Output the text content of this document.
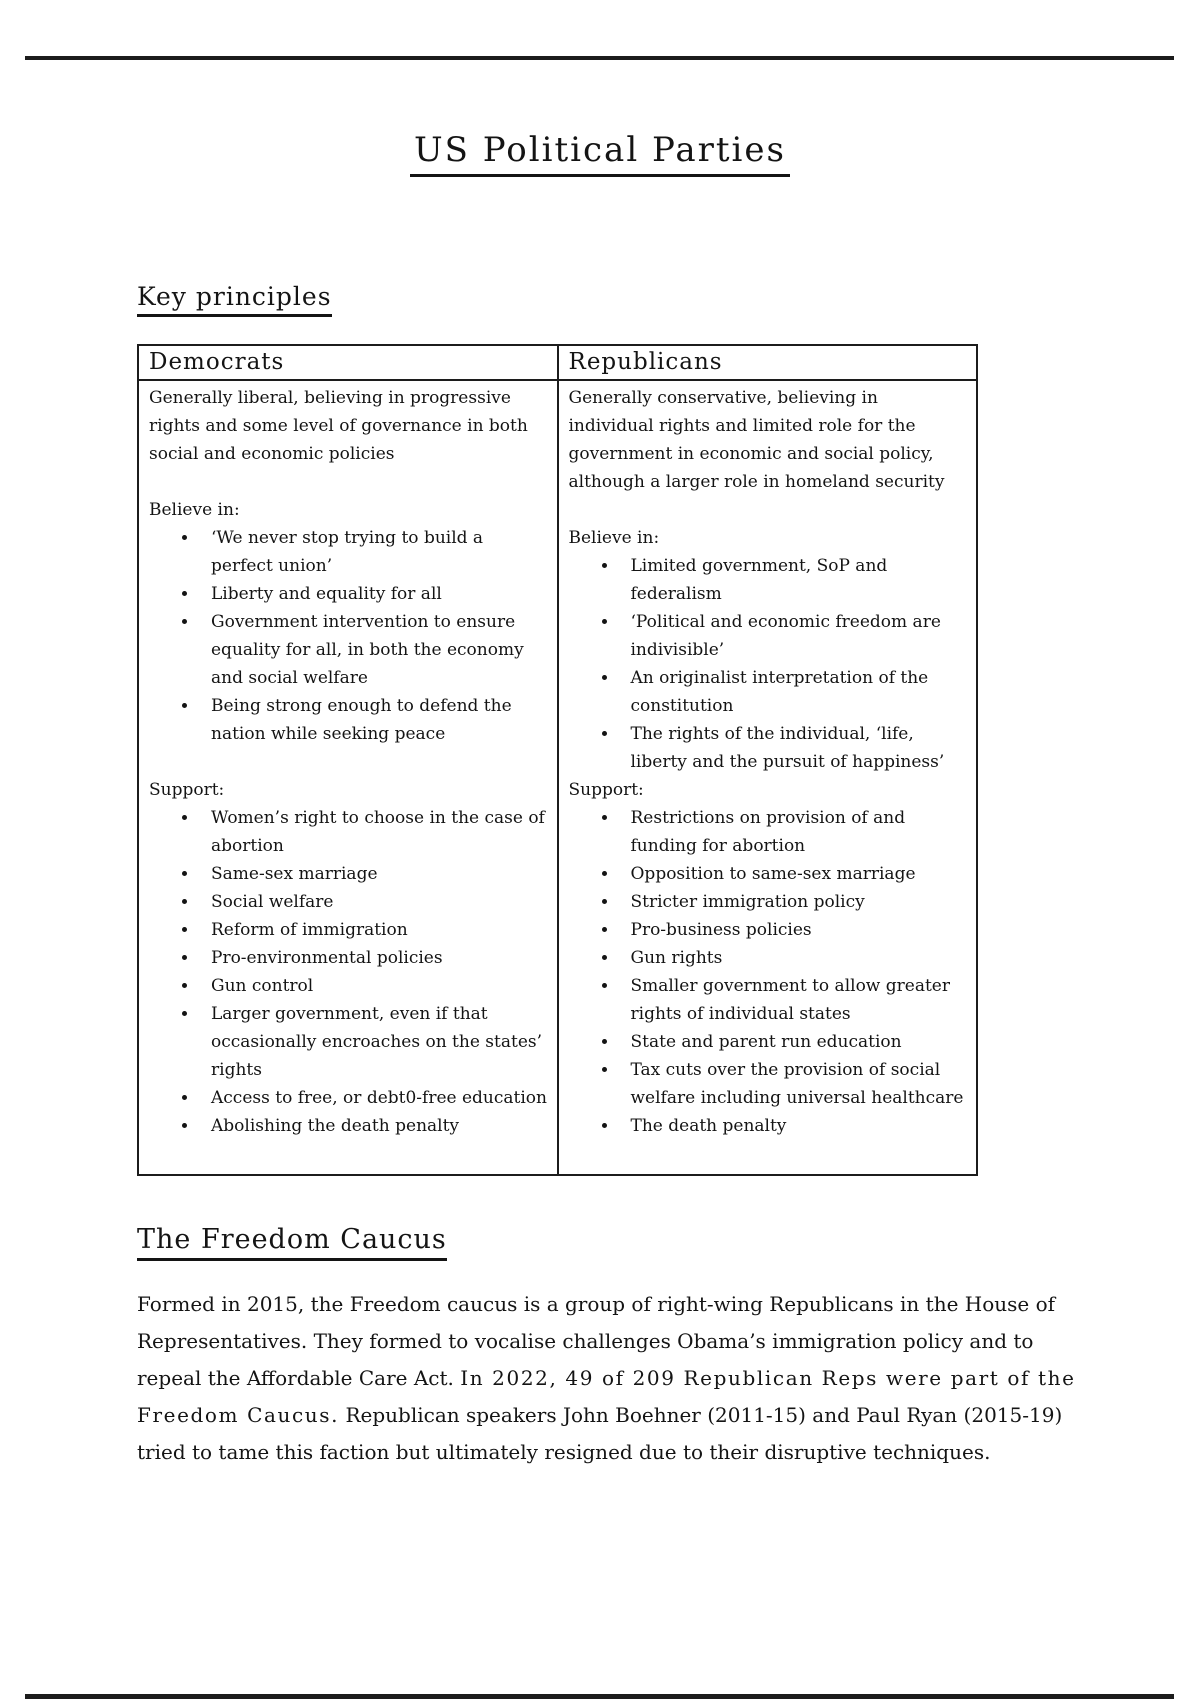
US Political Parties
Key principles
Democrats	Republicans

Generally liberal, believing in progressive rights and some level of governance in both social and economic policies
Believe in:
• ‘We never stop trying to build a perfect union’
• Liberty and equality for all
• Government intervention to ensure equality for all, in both the economy and social welfare
• Being strong enough to defend the nation while seeking peace
Support:
• Women’s right to choose in the case of abortion
• Same-sex marriage
• Social welfare
• Reform of immigration
• Pro-environmental policies
• Gun control
• Larger government, even if that occasionally encroaches on the states’ rights
• Access to free, or debt0-free education
• Abolishing the death penalty

Generally conservative, believing in individual rights and limited role for the government in economic and social policy, although a larger role in homeland security
Believe in:
• Limited government, SoP and federalism
• ‘Political and economic freedom are indivisible’
• An originalist interpretation of the constitution
• The rights of the individual, ‘life, liberty and the pursuit of happiness’
Support:
• Restrictions on provision of and funding for abortion
• Opposition to same-sex marriage
• Stricter immigration policy
• Pro-business policies
• Gun rights
• Smaller government to allow greater rights of individual states
• State and parent run education
• Tax cuts over the provision of social welfare including universal healthcare
• The death penalty
The Freedom Caucus

Formed in 2015, the Freedom caucus is a group of right-wing Republicans in the House of Representatives. They formed to vocalise challenges Obama’s immigration policy and to repeal the Affordable Care Act. In 2022, 49 of 209 Republican Reps were part of the Freedom Caucus. Republican speakers John Boehner (2011-15) and Paul Ryan (2015-19) tried to tame this faction but ultimately resigned due to their disruptive techniques.
